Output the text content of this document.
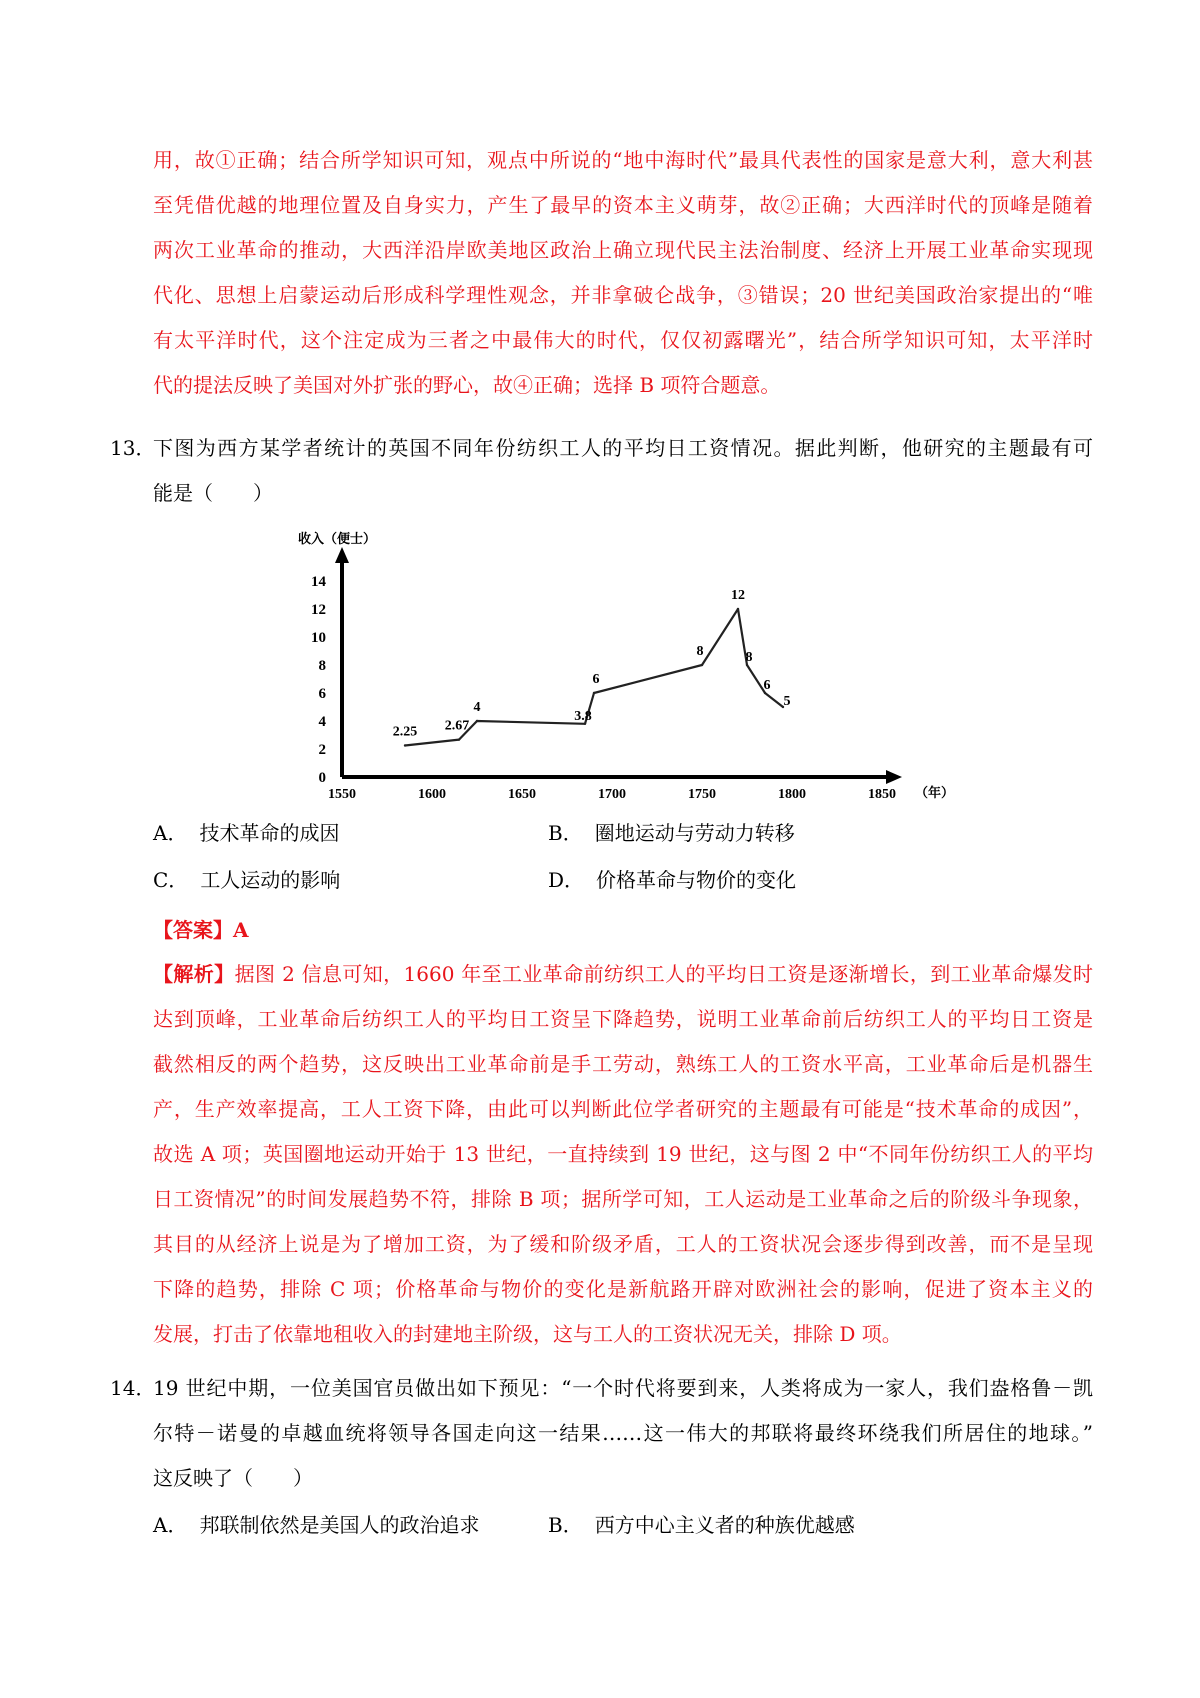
用，故①正确；结合所学知识可知，观点中所说的“地中海时代”最具代表性的国家是意大利，意大利甚
至凭借优越的地理位置及自身实力，产生了最早的资本主义萌芽，故②正确；大西洋时代的顶峰是随着
两次工业革命的推动，大西洋沿岸欧美地区政治上确立现代民主法治制度、经济上开展工业革命实现现
代化、思想上启蒙运动后形成科学理性观念，并非拿破仑战争，③错误；20 世纪美国政治家提出的“唯
有太平洋时代，这个注定成为三者之中最伟大的时代，仅仅初露曙光”，结合所学知识可知，太平洋时
代的提法反映了美国对外扩张的野心，故④正确；选择 B 项符合题意。
13．
下图为西方某学者统计的英国不同年份纺织工人的平均日工资情况。据此判断，他研究的主题最有可
能是（　　）
收入（便士）
（年）
1550	1600	1650	1700	1750	1800	1850
0
2
4
6
8
10
12
14
2.25 2.67
4
3.8
6
8
12
8
6
5
A． 技术革命的成因	B． 圈地运动与劳动力转移
C． 工人运动的影响	D． 价格革命与物价的变化
【答案】A
【解析】据图 2 信息可知，1660 年至工业革命前纺织工人的平均日工资是逐渐增长，到工业革命爆发时
达到顶峰，工业革命后纺织工人的平均日工资呈下降趋势，说明工业革命前后纺织工人的平均日工资是
截然相反的两个趋势，这反映出工业革命前是手工劳动，熟练工人的工资水平高，工业革命后是机器生
产，生产效率提高，工人工资下降，由此可以判断此位学者研究的主题最有可能是“技术革命的成因”，
故选 A 项；英国圈地运动开始于 13 世纪，一直持续到 19 世纪，这与图 2 中“不同年份纺织工人的平均
日工资情况”的时间发展趋势不符，排除 B 项；据所学可知，工人运动是工业革命之后的阶级斗争现象，
其目的从经济上说是为了增加工资，为了缓和阶级矛盾，工人的工资状况会逐步得到改善，而不是呈现
下降的趋势，排除 C 项；价格革命与物价的变化是新航路开辟对欧洲社会的影响，促进了资本主义的
发展，打击了依靠地租收入的封建地主阶级，这与工人的工资状况无关，排除 D 项。
14．
19 世纪中期，一位美国官员做出如下预见：“一个时代将要到来，人类将成为一家人，我们盎格鲁－凯
尔特－诺曼的卓越血统将领导各国走向这一结果……这一伟大的邦联将最终环绕我们所居住的地球。”
这反映了（　　）
A． 邦联制依然是美国人的政治追求	B． 西方中心主义者的种族优越感
